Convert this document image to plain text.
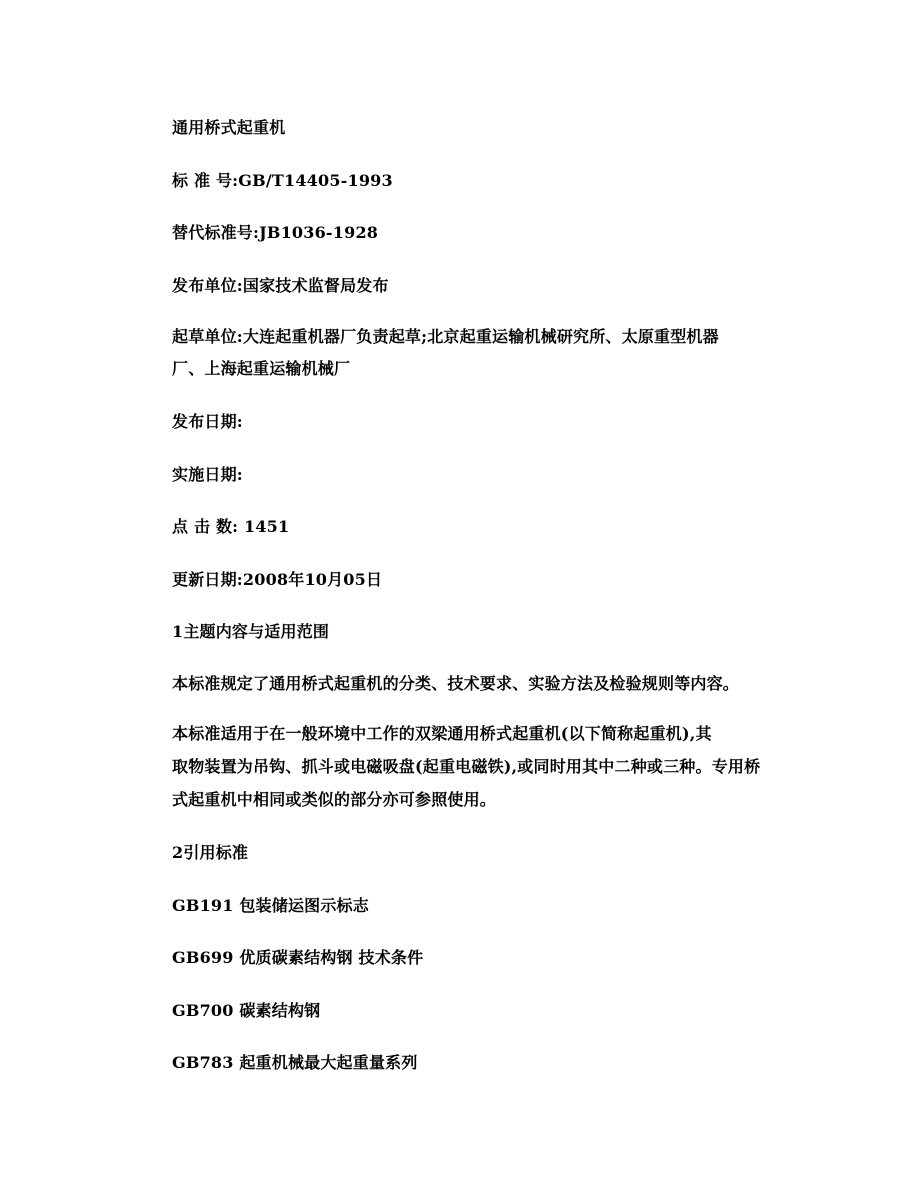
通用桥式起重机
标 准 号:GB/T14405-1993
替代标准号:JB1036-1928
发布单位:国家技术监督局发布
起草单位:大连起重机器厂负责起草;北京起重运输机械研究所、太原重型机器
厂、上海起重运输机械厂
发布日期:
实施日期:
点 击 数: 1451
更新日期:2008年10月05日
1主题内容与适用范围
本标准规定了通用桥式起重机的分类、技术要求、实验方法及检验规则等内容。
本标准适用于在一般环境中工作的双梁通用桥式起重机(以下简称起重机),其
取物装置为吊钩、抓斗或电磁吸盘(起重电磁铁),或同时用其中二种或三种。专用桥
式起重机中相同或类似的部分亦可参照使用。
2引用标准
GB191 包装储运图示标志
GB699 优质碳素结构钢 技术条件
GB700 碳素结构钢
GB783 起重机械最大起重量系列
